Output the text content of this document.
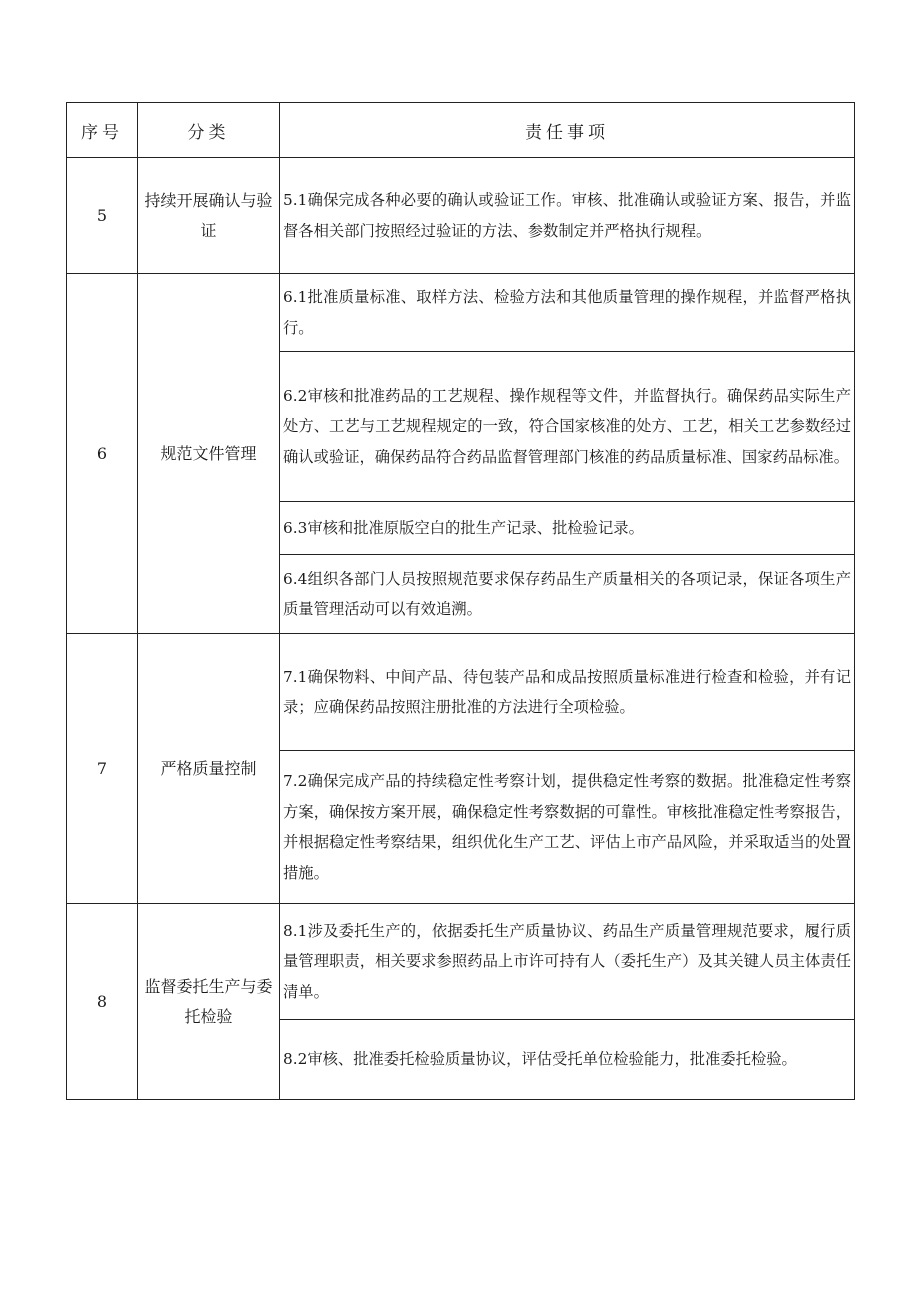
序号	分类	责任事项
5	持续开展确认与验证	5.1确保完成各种必要的确认或验证工作。审核、批准确认或验证方案、报告，并监督各相关部门按照经过验证的方法、参数制定并严格执行规程。
6	规范文件管理	6.1批准质量标准、取样方法、检验方法和其他质量管理的操作规程，并监督严格执行。
		6.2审核和批准药品的工艺规程、操作规程等文件，并监督执行。确保药品实际生产处方、工艺与工艺规程规定的一致，符合国家核准的处方、工艺，相关工艺参数经过确认或验证，确保药品符合药品监督管理部门核准的药品质量标准、国家药品标准。
		6.3审核和批准原版空白的批生产记录、批检验记录。
		6.4组织各部门人员按照规范要求保存药品生产质量相关的各项记录，保证各项生产质量管理活动可以有效追溯。
7	严格质量控制	7.1确保物料、中间产品、待包装产品和成品按照质量标准进行检查和检验，并有记录；应确保药品按照注册批准的方法进行全项检验。
		7.2确保完成产品的持续稳定性考察计划，提供稳定性考察的数据。批准稳定性考察方案，确保按方案开展，确保稳定性考察数据的可靠性。审核批准稳定性考察报告，并根据稳定性考察结果，组织优化生产工艺、评估上市产品风险，并采取适当的处置措施。
8	监督委托生产与委托检验	8.1涉及委托生产的，依据委托生产质量协议、药品生产质量管理规范要求，履行质量管理职责，相关要求参照药品上市许可持有人（委托生产）及其关键人员主体责任清单。
		8.2审核、批准委托检验质量协议，评估受托单位检验能力，批准委托检验。
